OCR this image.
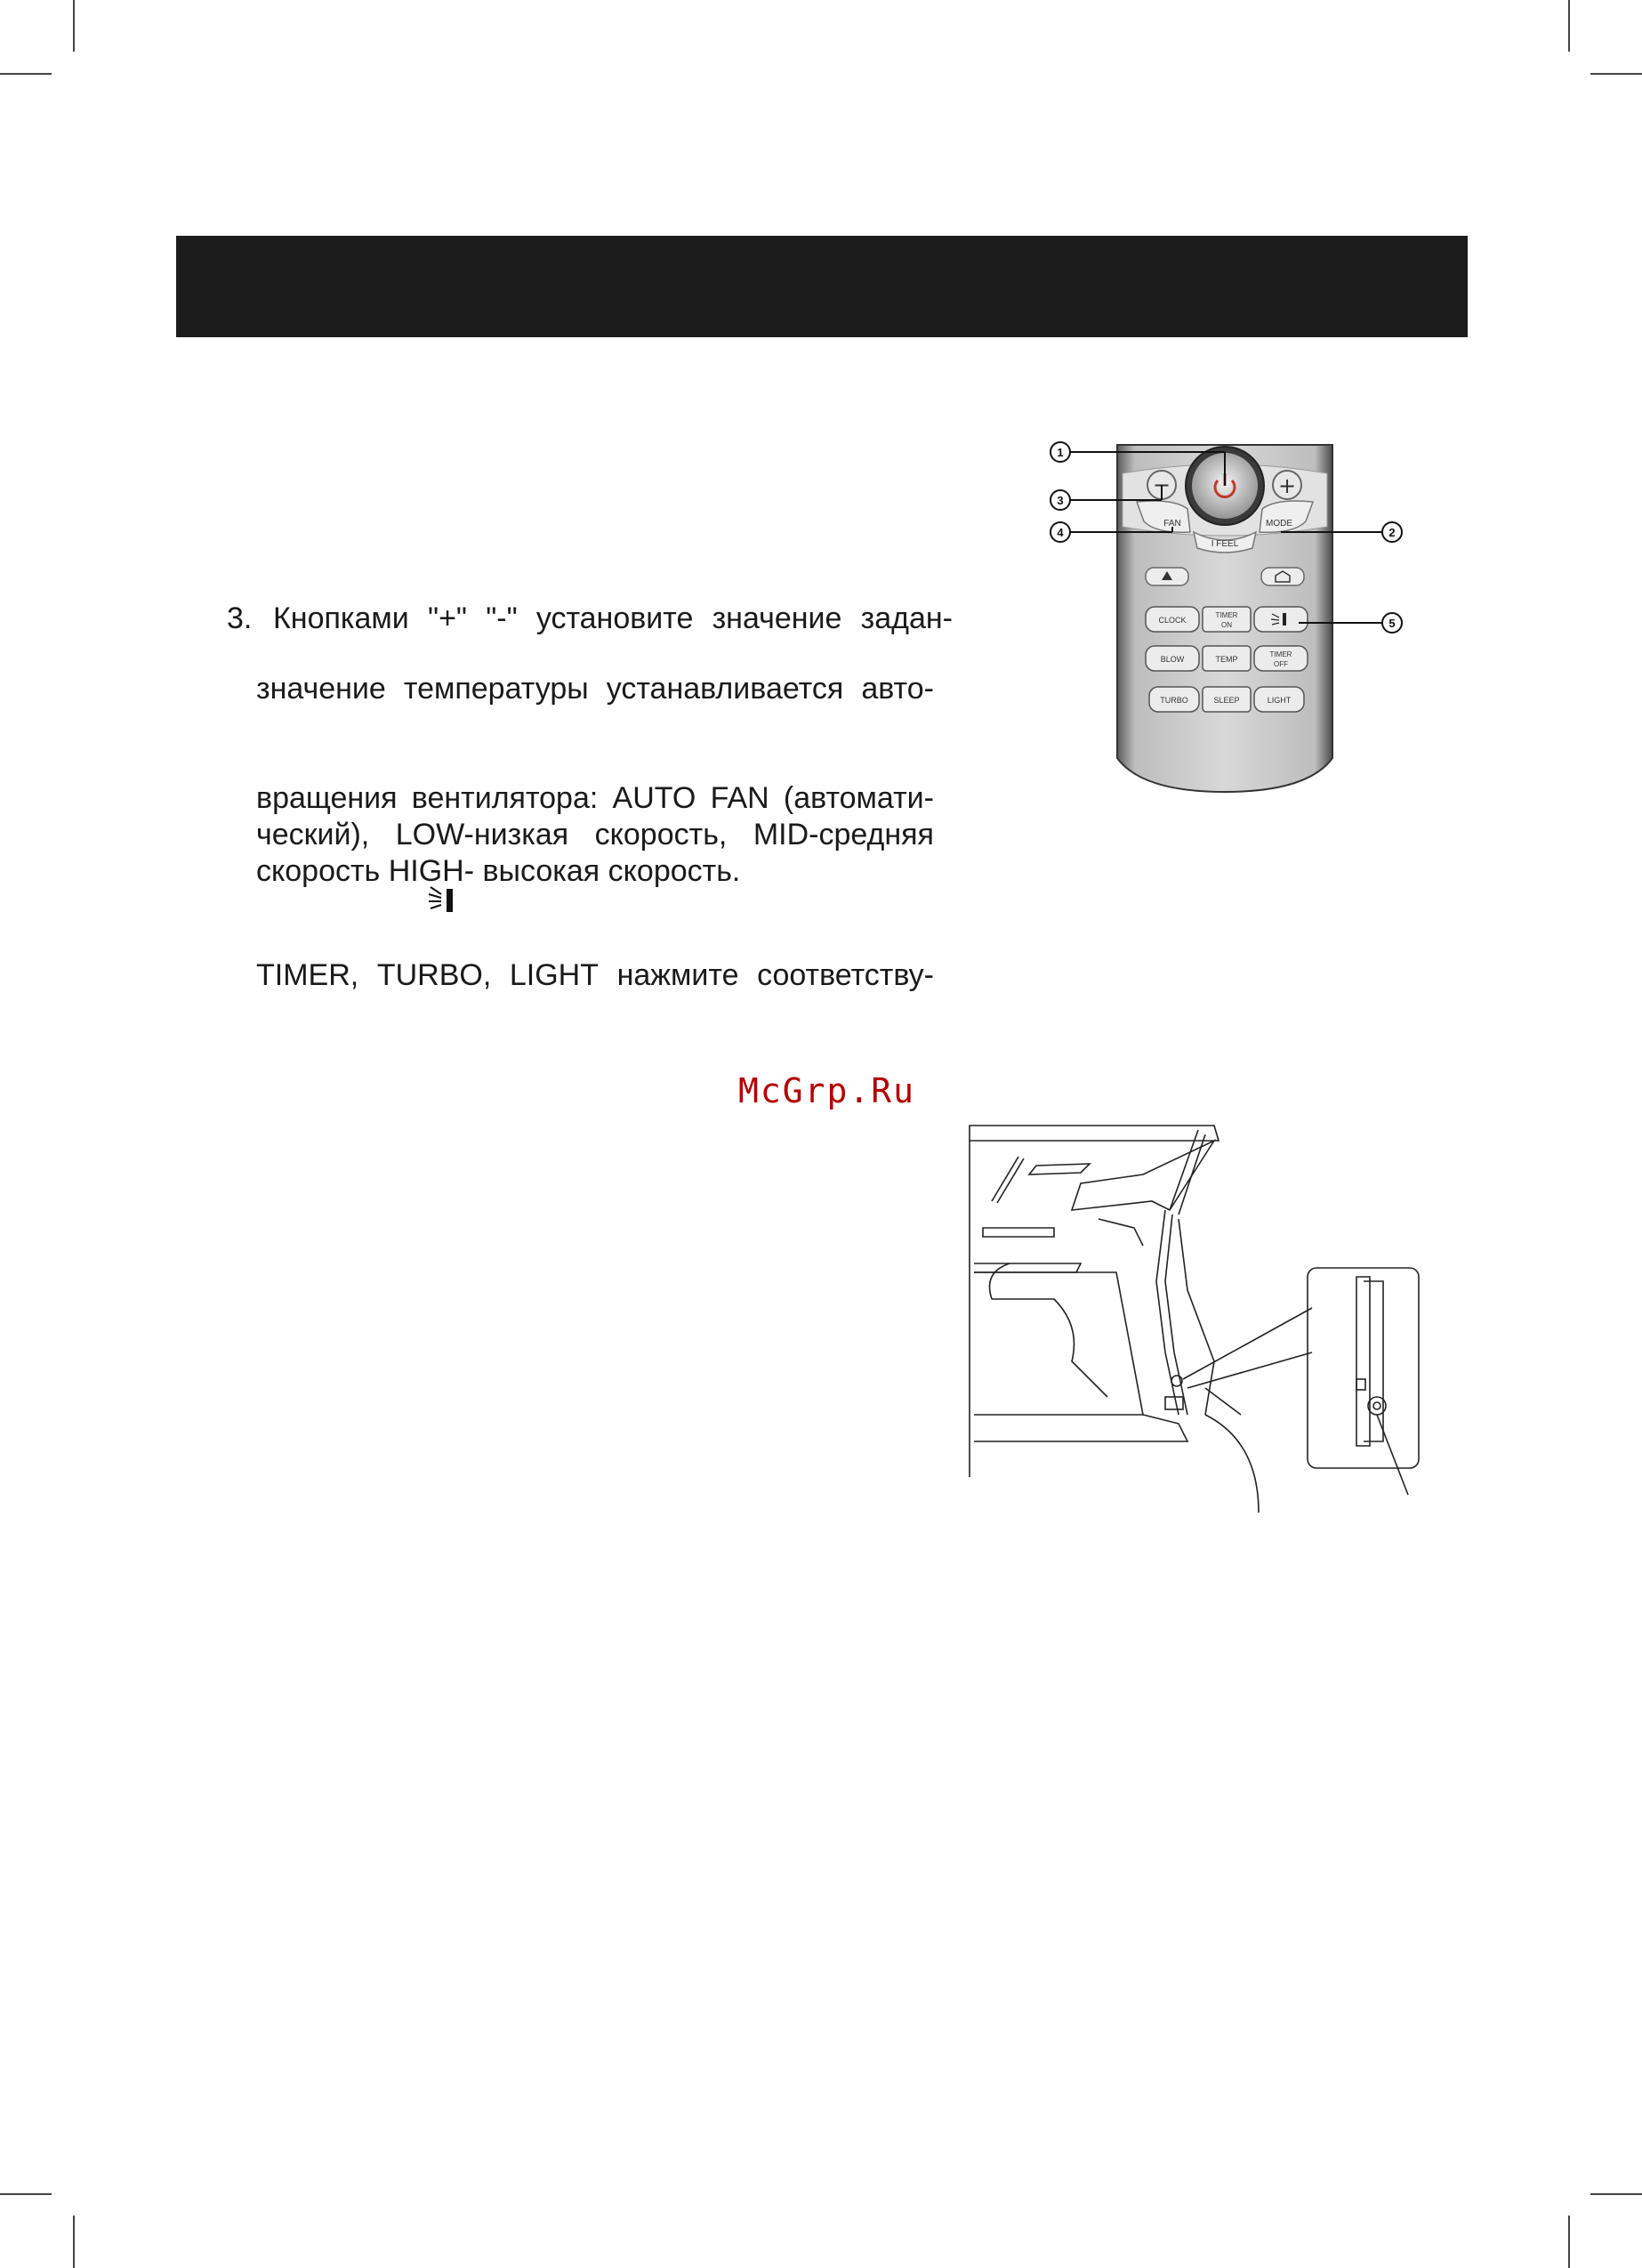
3. Кнопками "+" "-" установите значение задан-
значение температуры устанавливается авто-
вращения вентилятора: AUTO FAN (автомати-
ческий), LOW-низкая скорость, MID-средняя
скорость HIGH- высокая скорость.
TIMER, TURBO, LIGHT нажмите соответству-
McGrp.Ru
−	+
FAN	MODE
I FEEL
CLOCK
TIMER
ON
BLOW	TEMP
TIMER
OFF
TURBO	SLEEP	LIGHT
1
3
4	2
5
